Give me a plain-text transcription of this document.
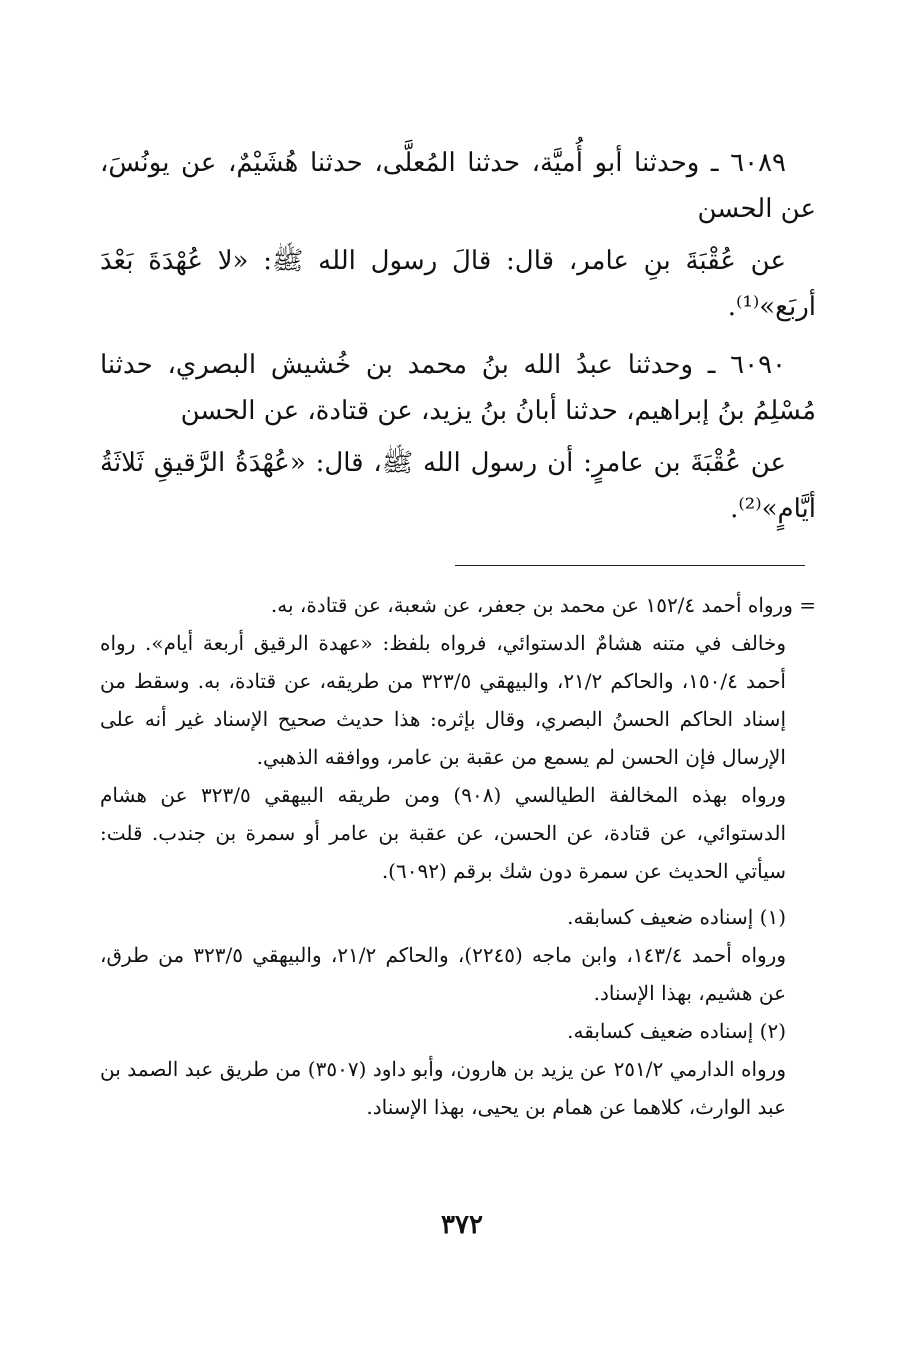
٦٠٨٩ ـ وحدثنا أبو أُميَّة، حدثنا المُعلَّى، حدثنا هُشَيْمٌ، عن يونُسَ، عن الحسن

عن عُقْبَةَ بنِ عامر، قال: قالَ رسول الله ﷺ: «لا عُهْدَةَ بَعْدَ أربَع»⁽¹⁾.

٦٠٩٠ ـ وحدثنا عبدُ الله بنُ محمد بن خُشيش البصري، حدثنا مُسْلِمُ بنُ إبراهيم، حدثنا أبانُ بنُ يزيد، عن قتادة، عن الحسن

عن عُقْبَةَ بن عامرٍ: أن رسول الله ﷺ، قال: «عُهْدَةُ الرَّقيقِ ثَلاثَةُ أيَّامٍ»⁽²⁾.

= ورواه أحمد ١٥٢/٤ عن محمد بن جعفر، عن شعبة، عن قتادة، به.

وخالف في متنه هشامٌ الدستوائي، فرواه بلفظ: «عهدة الرقيق أربعة أيام». رواه أحمد ١٥٠/٤، والحاكم ٢١/٢، والبيهقي ٣٢٣/٥ من طريقه، عن قتادة، به. وسقط من إسناد الحاكم الحسنُ البصري، وقال بإثره: هذا حديث صحيح الإسناد غير أنه على الإرسال فإن الحسن لم يسمع من عقبة بن عامر، ووافقه الذهبي.

ورواه بهذه المخالفة الطيالسي (٩٠٨) ومن طريقه البيهقي ٣٢٣/٥ عن هشام الدستوائي، عن قتادة، عن الحسن، عن عقبة بن عامر أو سمرة بن جندب. قلت: سيأتي الحديث عن سمرة دون شك برقم (٦٠٩٢).

(١) إسناده ضعيف كسابقه.

ورواه أحمد ١٤٣/٤، وابن ماجه (٢٢٤٥)، والحاكم ٢١/٢، والبيهقي ٣٢٣/٥ من طرق، عن هشيم، بهذا الإسناد.

(٢) إسناده ضعيف كسابقه.

ورواه الدارمي ٢٥١/٢ عن يزيد بن هارون، وأبو داود (٣٥٠٧) من طريق عبد الصمد بن عبد الوارث، كلاهما عن همام بن يحيى، بهذا الإسناد.

٣٧٢
